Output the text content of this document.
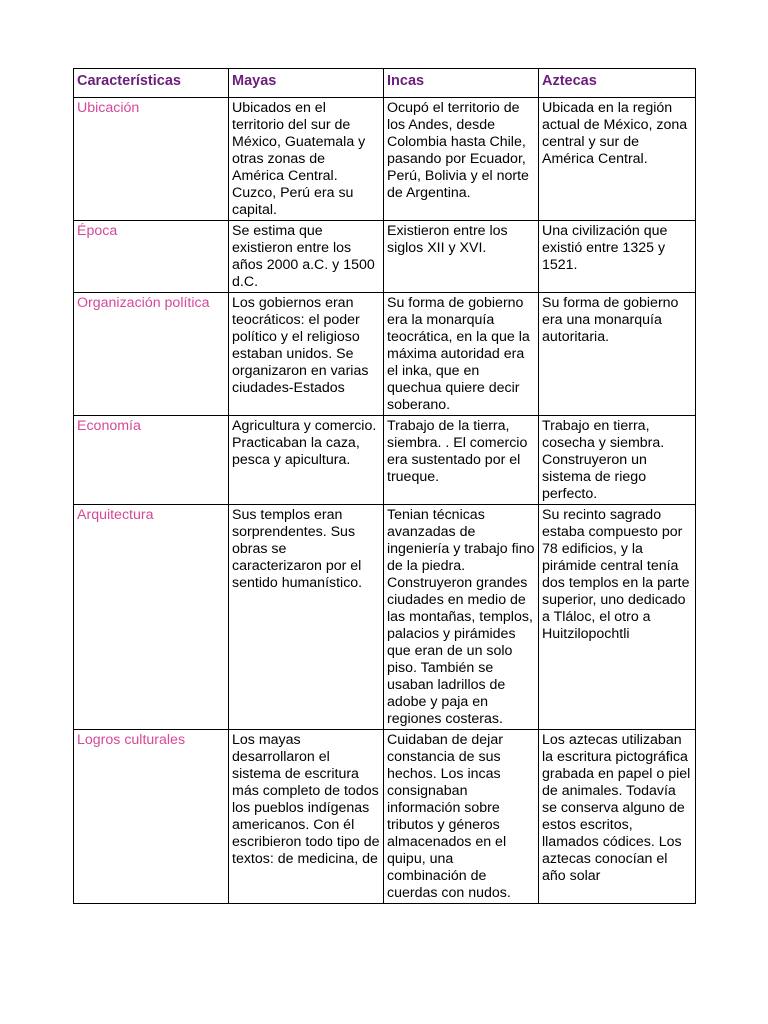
Características	Mayas	Incas	Aztecas
Ubicación	Ubicados en el territorio del sur de México, Guatemala y otras zonas de América Central. Cuzco, Perú era su capital.	Ocupó el territorio de los Andes, desde Colombia hasta Chile, pasando por Ecuador, Perú, Bolivia y el norte de Argentina.	Ubicada en la región actual de México, zona central y sur de América Central.
Época	Se estima que existieron entre los años 2000 a.C. y 1500 d.C.	Existieron entre los siglos XII y XVI.	Una civilización que existió entre 1325 y 1521.
Organización política	Los gobiernos eran teocráticos: el poder político y el religioso estaban unidos. Se organizaron en varias ciudades-Estados	Su forma de gobierno era la monarquía teocrática, en la que la máxima autoridad era el inka, que en quechua quiere decir soberano.	Su forma de gobierno era una monarquía autoritaria.
Economía	Agricultura y comercio. Practicaban la caza, pesca y apicultura.	Trabajo de la tierra, siembra. . El comercio era sustentado por el trueque.	Trabajo en tierra, cosecha y siembra. Construyeron un sistema de riego perfecto.
Arquitectura	Sus templos eran sorprendentes. Sus obras se caracterizaron por el sentido humanístico.	Tenian técnicas avanzadas de ingeniería y trabajo fino de la piedra. Construyeron grandes ciudades en medio de las montañas, templos, palacios y pirámides que eran de un solo piso. También se usaban ladrillos de adobe y paja en regiones costeras.	Su recinto sagrado estaba compuesto por 78 edificios, y la pirámide central tenía dos templos en la parte superior, uno dedicado a Tláloc, el otro a Huitzilopochtli
Logros culturales	Los mayas desarrollaron el sistema de escritura más completo de todos los pueblos indígenas americanos. Con él escribieron todo tipo de textos: de medicina, de	Cuidaban de dejar constancia de sus hechos. Los incas consignaban información sobre tributos y géneros almacenados en el quipu, una combinación de cuerdas con nudos.	Los aztecas utilizaban la escritura pictográfica grabada en papel o piel de animales. Todavía se conserva alguno de estos escritos, llamados códices. Los aztecas conocían el año solar
